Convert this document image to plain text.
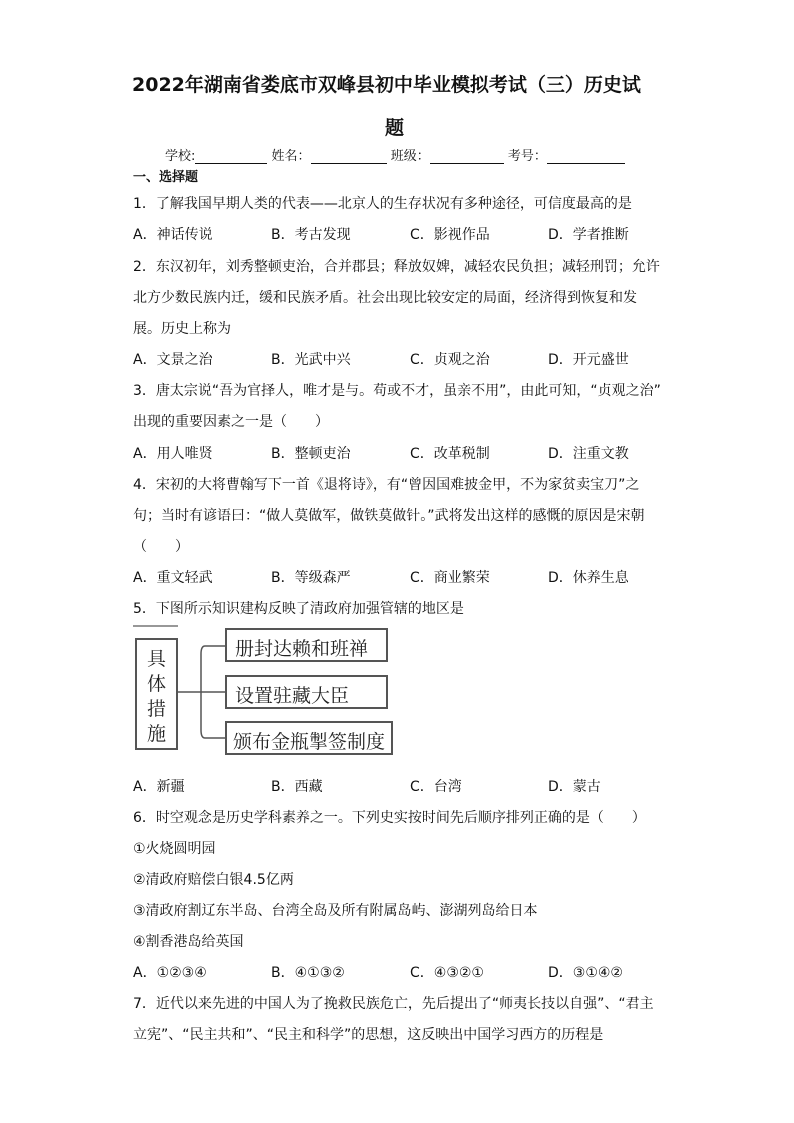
2022年湖南省娄底市双峰县初中毕业模拟考试（三）历史试
题
学校:	姓名：	班级：	考号：
一、选择题
1．了解我国早期人类的代表——北京人的生存状况有多种途径，可信度最高的是
A．神话传说	B．考古发现	C．影视作品	D．学者推断
2．东汉初年，刘秀整顿吏治，合并郡县；释放奴婢，减轻农民负担；减轻刑罚；允许
北方少数民族内迁，缓和民族矛盾。社会出现比较安定的局面，经济得到恢复和发
展。历史上称为
A．文景之治	B．光武中兴	C．贞观之治	D．开元盛世
3．唐太宗说“吾为官择人，唯才是与。苟或不才，虽亲不用”，由此可知，“贞观之治”
出现的重要因素之一是（　　）
A．用人唯贤	B．整顿吏治	C．改革税制	D．注重文教
4．宋初的大将曹翰写下一首《退将诗》，有“曾因国难披金甲，不为家贫卖宝刀”之
句；当时有谚语曰：“做人莫做军，做铁莫做针。”武将发出这样的感慨的原因是宋朝
（　　）
A．重文轻武	B．等级森严	C．商业繁荣	D．休养生息
5．下图所示知识建构反映了清政府加强管辖的地区是
具
体
措
施
册封达赖和班禅
设置驻藏大臣
颁布金瓶掣签制度
A．新疆	B．西藏	C．台湾	D．蒙古
6．时空观念是历史学科素养之一。下列史实按时间先后顺序排列正确的是（　　）
①火烧圆明园
②清政府赔偿白银4.5亿两
③清政府割辽东半岛、台湾全岛及所有附属岛屿、澎湖列岛给日本
④割香港岛给英国
A．①②③④	B．④①③②	C．④③②①	D．③①④②
7．近代以来先进的中国人为了挽救民族危亡，先后提出了“师夷长技以自强”、“君主
立宪”、“民主共和”、“民主和科学”的思想，这反映出中国学习西方的历程是
